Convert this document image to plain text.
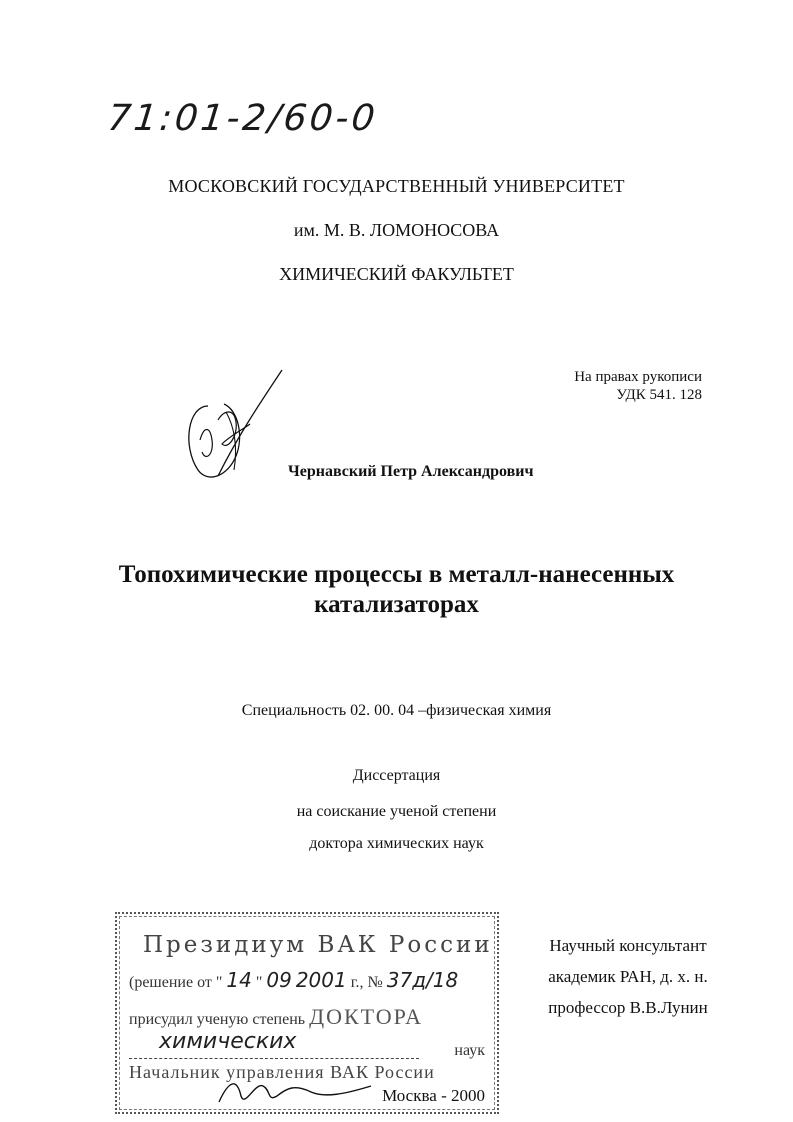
71:01-2/60-0
МОСКОВСКИЙ ГОСУДАРСТВЕННЫЙ УНИВЕРСИТЕТ
им. М. В. ЛОМОНОСОВА
ХИМИЧЕСКИЙ ФАКУЛЬТЕТ
На правах рукописи
УДК 541. 128
Чернавский Петр Александрович
Топохимические процессы в металл-нанесенных
катализаторах
Специальность 02. 00. 04 –физическая химия
Диссертация
на соискание ученой степени
доктора химических наук
Научный консультант
академик РАН, д. х. н.
профессор В.В.Лунин
Президиум ВАК России
(решение от " 14 " 09 2001 г., № 37д/18
присудил ученую степень ДОКТОРА
химических	наук
Начальник управления ВАК России
Москва - 2000
